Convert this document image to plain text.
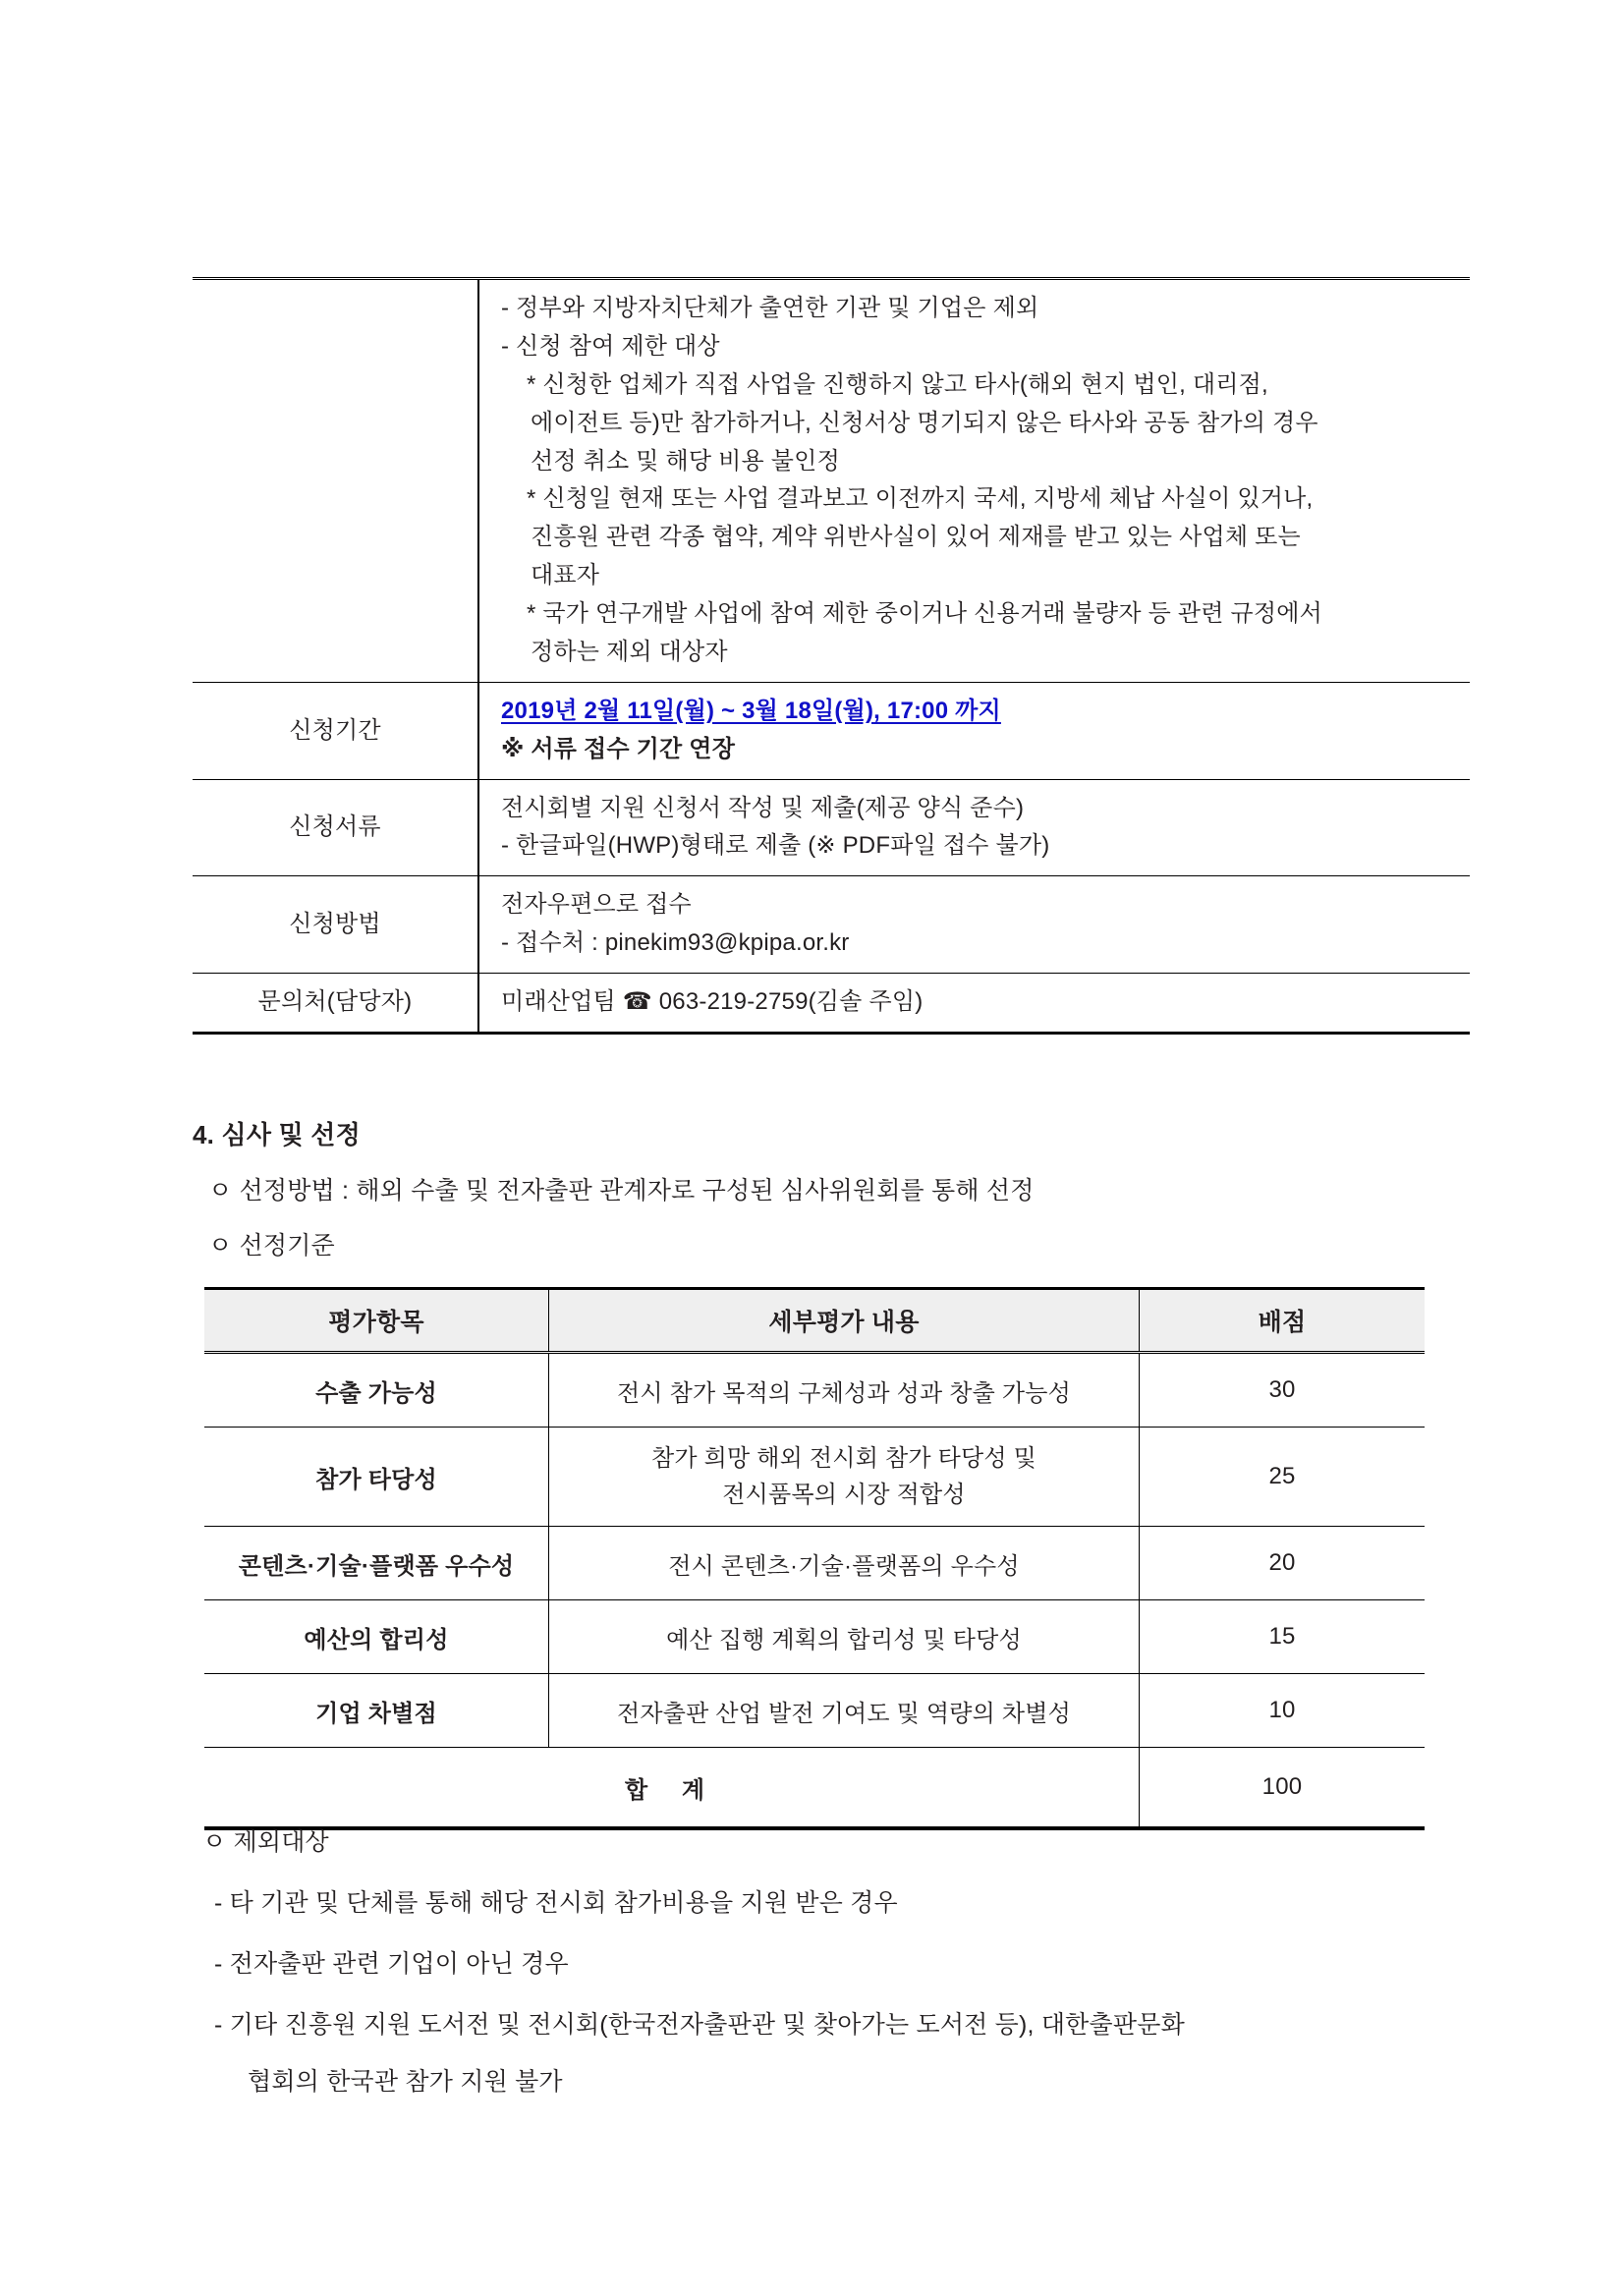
- 정부와 지방자치단체가 출연한 기관 및 기업은 제외
- 신청 참여 제한 대상
* 신청한 업체가 직접 사업을 진행하지 않고 타사(해외 현지 법인, 대리점,
에이전트 등)만 참가하거나, 신청서상 명기되지 않은 타사와 공동 참가의 경우
선정 취소 및 해당 비용 불인정
* 신청일 현재 또는 사업 결과보고 이전까지 국세, 지방세 체납 사실이 있거나,
진흥원 관련 각종 협약, 계약 위반사실이 있어 제재를 받고 있는 사업체 또는
대표자
* 국가 연구개발 사업에 참여 제한 중이거나 신용거래 불량자 등 관련 규정에서
정하는 제외 대상자

신청기간	2019년 2월 11일(월) ~ 3월 18일(월), 17:00 까지
※ 서류 접수 기간 연장

신청서류	전시회별 지원 신청서 작성 및 제출(제공 양식 준수)
- 한글파일(HWP)형태로 제출 (※ PDF파일 접수 불가)

신청방법	전자우편으로 접수
- 접수처 : pinekim93@kpipa.or.kr

문의처(담당자)	미래산업팀 ☎ 063-219-2759(김솔 주임)
4. 심사 및 선정
ㅇ 선정방법 : 해외 수출 및 전자출판 관계자로 구성된 심사위원회를 통해 선정
ㅇ 선정기준
평가항목	세부평가 내용	배점
수출 가능성	전시 참가 목적의 구체성과 성과 창출 가능성	30
참가 타당성	참가 희망 해외 전시회 참가 타당성 및
전시품목의 시장 적합성	25
콘텐츠·기술·플랫폼 우수성	전시 콘텐츠·기술·플랫폼의 우수성	20
예산의 합리성	예산 집행 계획의 합리성 및 타당성	15
기업 차별점	전자출판 산업 발전 기여도 및 역량의 차별성	10
합 계		100
ㅇ 제외대상
- 타 기관 및 단체를 통해 해당 전시회 참가비용을 지원 받은 경우
- 전자출판 관련 기업이 아닌 경우
- 기타 진흥원 지원 도서전 및 전시회(한국전자출판관 및 찾아가는 도서전 등), 대한출판문화
협회의 한국관 참가 지원 불가
